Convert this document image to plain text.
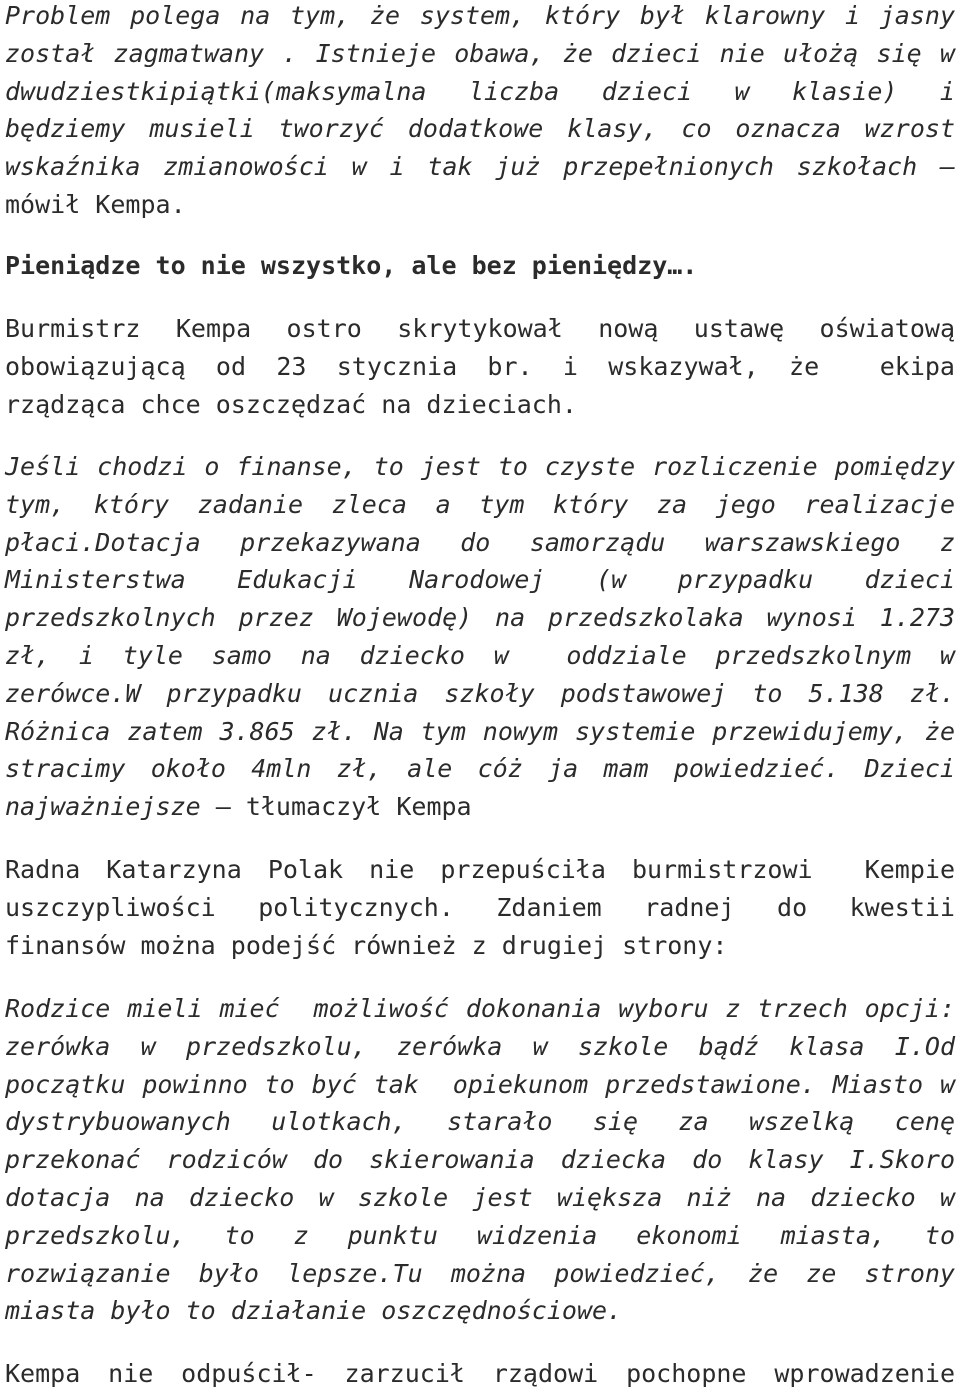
Problem polega na tym, że system, który był klarowny i jasny
został zagmatwany . Istnieje obawa, że dzieci nie ułożą się w
dwudziestkipiątki(maksymalna liczba dzieci w klasie) i
będziemy musieli tworzyć dodatkowe klasy, co oznacza wzrost
wskaźnika zmianowości w i tak już przepełnionych szkołach –
mówił Kempa.
Pieniądze to nie wszystko, ale bez pieniędzy….
Burmistrz Kempa ostro skrytykował nową ustawę oświatową
obowiązującą od 23 stycznia br. i wskazywał, że  ekipa
rządząca chce oszczędzać na dzieciach.
Jeśli chodzi o finanse, to jest to czyste rozliczenie pomiędzy
tym, który zadanie zleca a tym który za jego realizacje
płaci.Dotacja przekazywana do samorządu warszawskiego z
Ministerstwa Edukacji Narodowej (w przypadku dzieci
przedszkolnych przez Wojewodę) na przedszkolaka wynosi 1.273
zł, i tyle samo na dziecko w  oddziale przedszkolnym w
zerówce.W przypadku ucznia szkoły podstawowej to 5.138 zł.
Różnica zatem 3.865 zł. Na tym nowym systemie przewidujemy, że
stracimy około 4mln zł, ale cóż ja mam powiedzieć. Dzieci
najważniejsze – tłumaczył Kempa
Radna Katarzyna Polak nie przepuściła burmistrzowi  Kempie
uszczypliwości politycznych. Zdaniem radnej do kwestii
finansów można podejść również z drugiej strony:
Rodzice mieli mieć  możliwość dokonania wyboru z trzech opcji:
zerówka w przedszkolu, zerówka w szkole bądź klasa I.Od
początku powinno to być tak  opiekunom przedstawione. Miasto w
dystrybuowanych ulotkach, starało się za wszelką cenę
przekonać rodziców do skierowania dziecka do klasy I.Skoro
dotacja na dziecko w szkole jest większa niż na dziecko w
przedszkolu, to z punktu widzenia ekonomi miasta, to
rozwiązanie było lepsze.Tu można powiedzieć, że ze strony
miasta było to działanie oszczędnościowe.
Kempa nie odpuścił- zarzucił rządowi pochopne wprowadzenie
